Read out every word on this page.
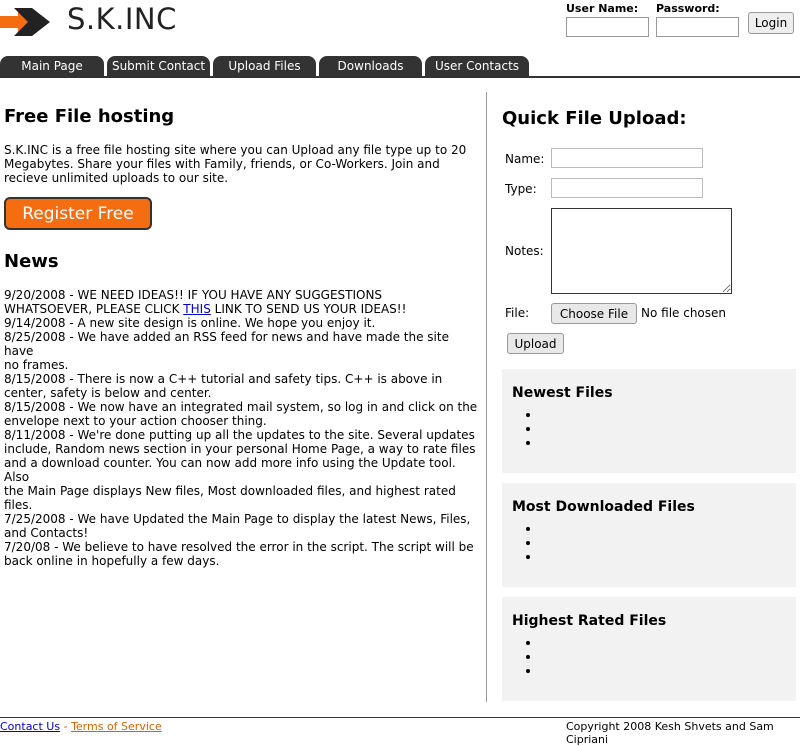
S.K.INC	User Name:	Password:
Login
Main Page	Submit Contact	Upload Files	Downloads	User Contacts
Free File hosting

S.K.INC is a free file hosting site where you can Upload any file type up to 20
Megabytes. Share your files with Family, friends, or Co-Workers. Join and
recieve unlimited uploads to our site.

Register Free
News
9/20/2008 - WE NEED IDEAS!! IF YOU HAVE ANY SUGGESTIONS
WHATSOEVER, PLEASE CLICK THIS LINK TO SEND US YOUR IDEAS!!
9/14/2008 - A new site design is online. We hope you enjoy it.
8/25/2008 - We have added an RSS feed for news and have made the site have
no frames.
8/15/2008 - There is now a C++ tutorial and safety tips. C++ is above in
center, safety is below and center.
8/15/2008 - We now have an integrated mail system, so log in and click on the
envelope next to your action chooser thing.
8/11/2008 - We're done putting up all the updates to the site. Several updates
include, Random news section in your personal Home Page, a way to rate files
and a download counter. You can now add more info using the Update tool. Also
the Main Page displays New files, Most downloaded files, and highest rated files.
7/25/2008 - We have Updated the Main Page to display the latest News, Files,
and Contacts!
7/20/08 - We believe to have resolved the error in the script. The script will be
back online in hopefully a few days.
Quick File Upload:
Name:
Type:
Notes:
File:	Choose File	No file chosen
Upload
Newest Files
Most Downloaded Files
Highest Rated Files
Contact Us - Terms of Service	Copyright 2008 Kesh Shvets and Sam Cipriani
